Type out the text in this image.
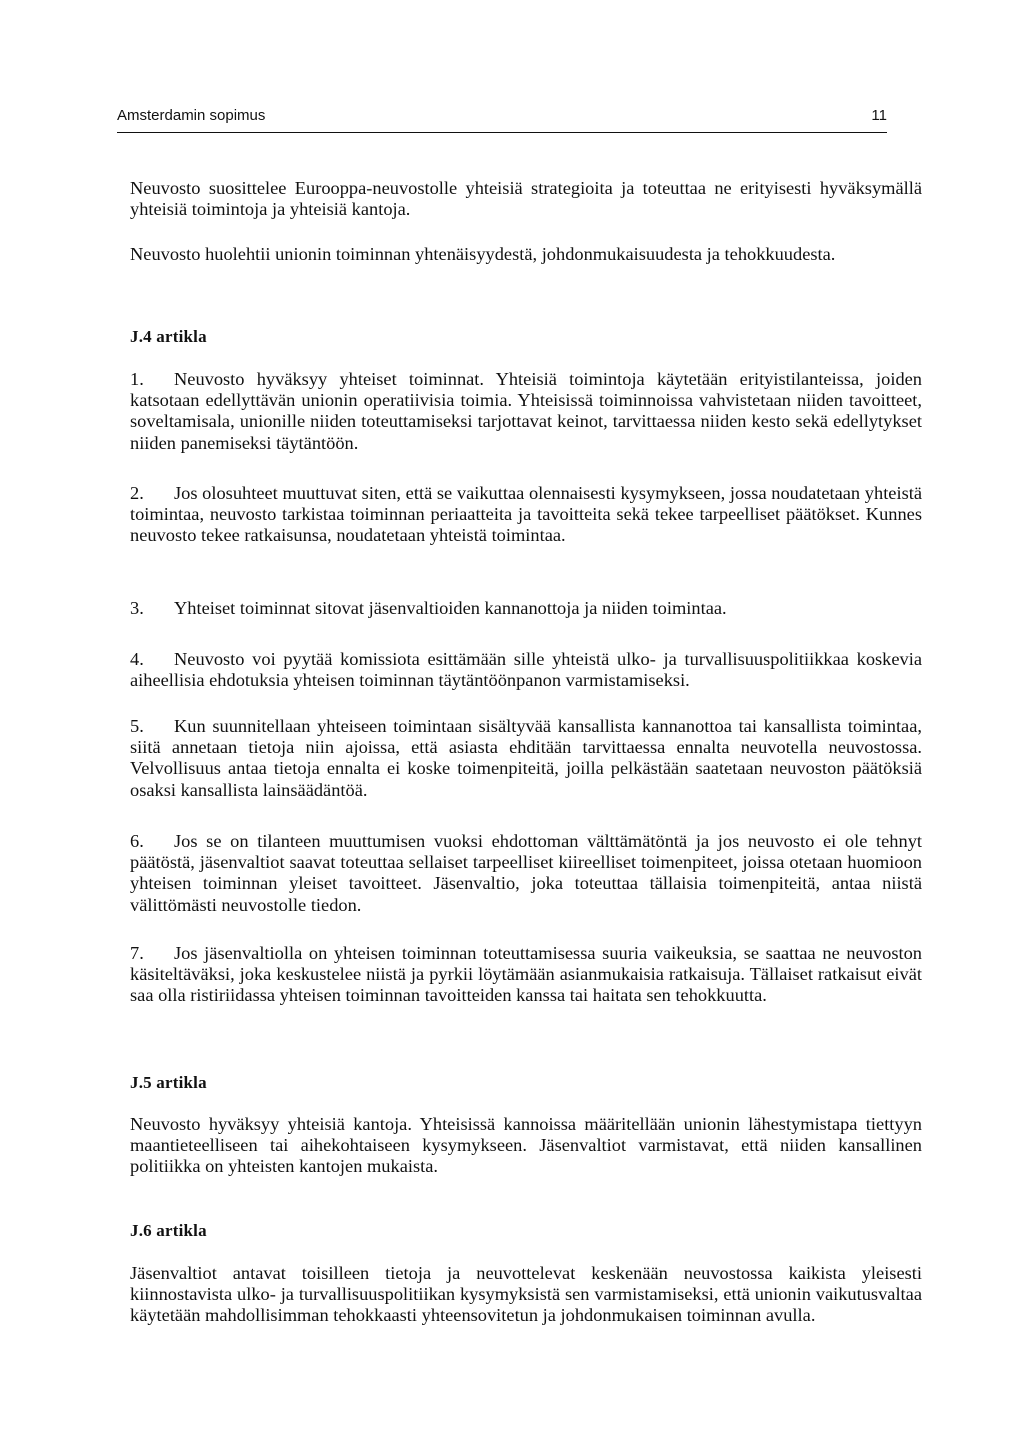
Amsterdamin sopimus	11

Neuvosto suosittelee Eurooppa-neuvostolle yhteisiä strategioita ja toteuttaa ne erityisesti hyväksymällä yhteisiä toimintoja ja yhteisiä kantoja.

Neuvosto huolehtii unionin toiminnan yhtenäisyydestä, johdonmukaisuudesta ja tehokkuudesta.

J.4 artikla

1. Neuvosto hyväksyy yhteiset toiminnat. Yhteisiä toimintoja käytetään erityistilanteissa, joiden katsotaan edellyttävän unionin operatiivisia toimia. Yhteisissä toiminnoissa vahvistetaan niiden tavoitteet, soveltamisala, unionille niiden toteuttamiseksi tarjottavat keinot, tarvittaessa niiden kesto sekä edellytykset niiden panemiseksi täytäntöön.

2. Jos olosuhteet muuttuvat siten, että se vaikuttaa olennaisesti kysymykseen, jossa noudatetaan yhteistä toimintaa, neuvosto tarkistaa toiminnan periaatteita ja tavoitteita sekä tekee tarpeelliset päätökset. Kunnes neuvosto tekee ratkaisunsa, noudatetaan yhteistä toimintaa.

3. Yhteiset toiminnat sitovat jäsenvaltioiden kannanottoja ja niiden toimintaa.

4. Neuvosto voi pyytää komissiota esittämään sille yhteistä ulko- ja turvallisuuspolitiikkaa koskevia aiheellisia ehdotuksia yhteisen toiminnan täytäntöönpanon varmistamiseksi.

5. Kun suunnitellaan yhteiseen toimintaan sisältyvää kansallista kannanottoa tai kansallista toimintaa, siitä annetaan tietoja niin ajoissa, että asiasta ehditään tarvittaessa ennalta neuvotella neuvostossa. Velvollisuus antaa tietoja ennalta ei koske toimenpiteitä, joilla pelkästään saatetaan neuvoston päätöksiä osaksi kansallista lainsäädäntöä.

6. Jos se on tilanteen muuttumisen vuoksi ehdottoman välttämätöntä ja jos neuvosto ei ole tehnyt päätöstä, jäsenvaltiot saavat toteuttaa sellaiset tarpeelliset kiireelliset toimenpiteet, joissa otetaan huomioon yhteisen toiminnan yleiset tavoitteet. Jäsenvaltio, joka toteuttaa tällaisia toimenpiteitä, antaa niistä välittömästi neuvostolle tiedon.

7. Jos jäsenvaltiolla on yhteisen toiminnan toteuttamisessa suuria vaikeuksia, se saattaa ne neuvoston käsiteltäväksi, joka keskustelee niistä ja pyrkii löytämään asianmukaisia ratkaisuja. Tällaiset ratkaisut eivät saa olla ristiriidassa yhteisen toiminnan tavoitteiden kanssa tai haitata sen tehokkuutta.

J.5 artikla

Neuvosto hyväksyy yhteisiä kantoja. Yhteisissä kannoissa määritellään unionin lähestymistapa tiettyyn maantieteelliseen tai aihekohtaiseen kysymykseen. Jäsenvaltiot varmistavat, että niiden kansallinen politiikka on yhteisten kantojen mukaista.

J.6 artikla

Jäsenvaltiot antavat toisilleen tietoja ja neuvottelevat keskenään neuvostossa kaikista yleisesti kiinnostavista ulko- ja turvallisuuspolitiikan kysymyksistä sen varmistamiseksi, että unionin vaikutusvaltaa käytetään mahdollisimman tehokkaasti yhteensovitetun ja johdonmukaisen toiminnan avulla.
